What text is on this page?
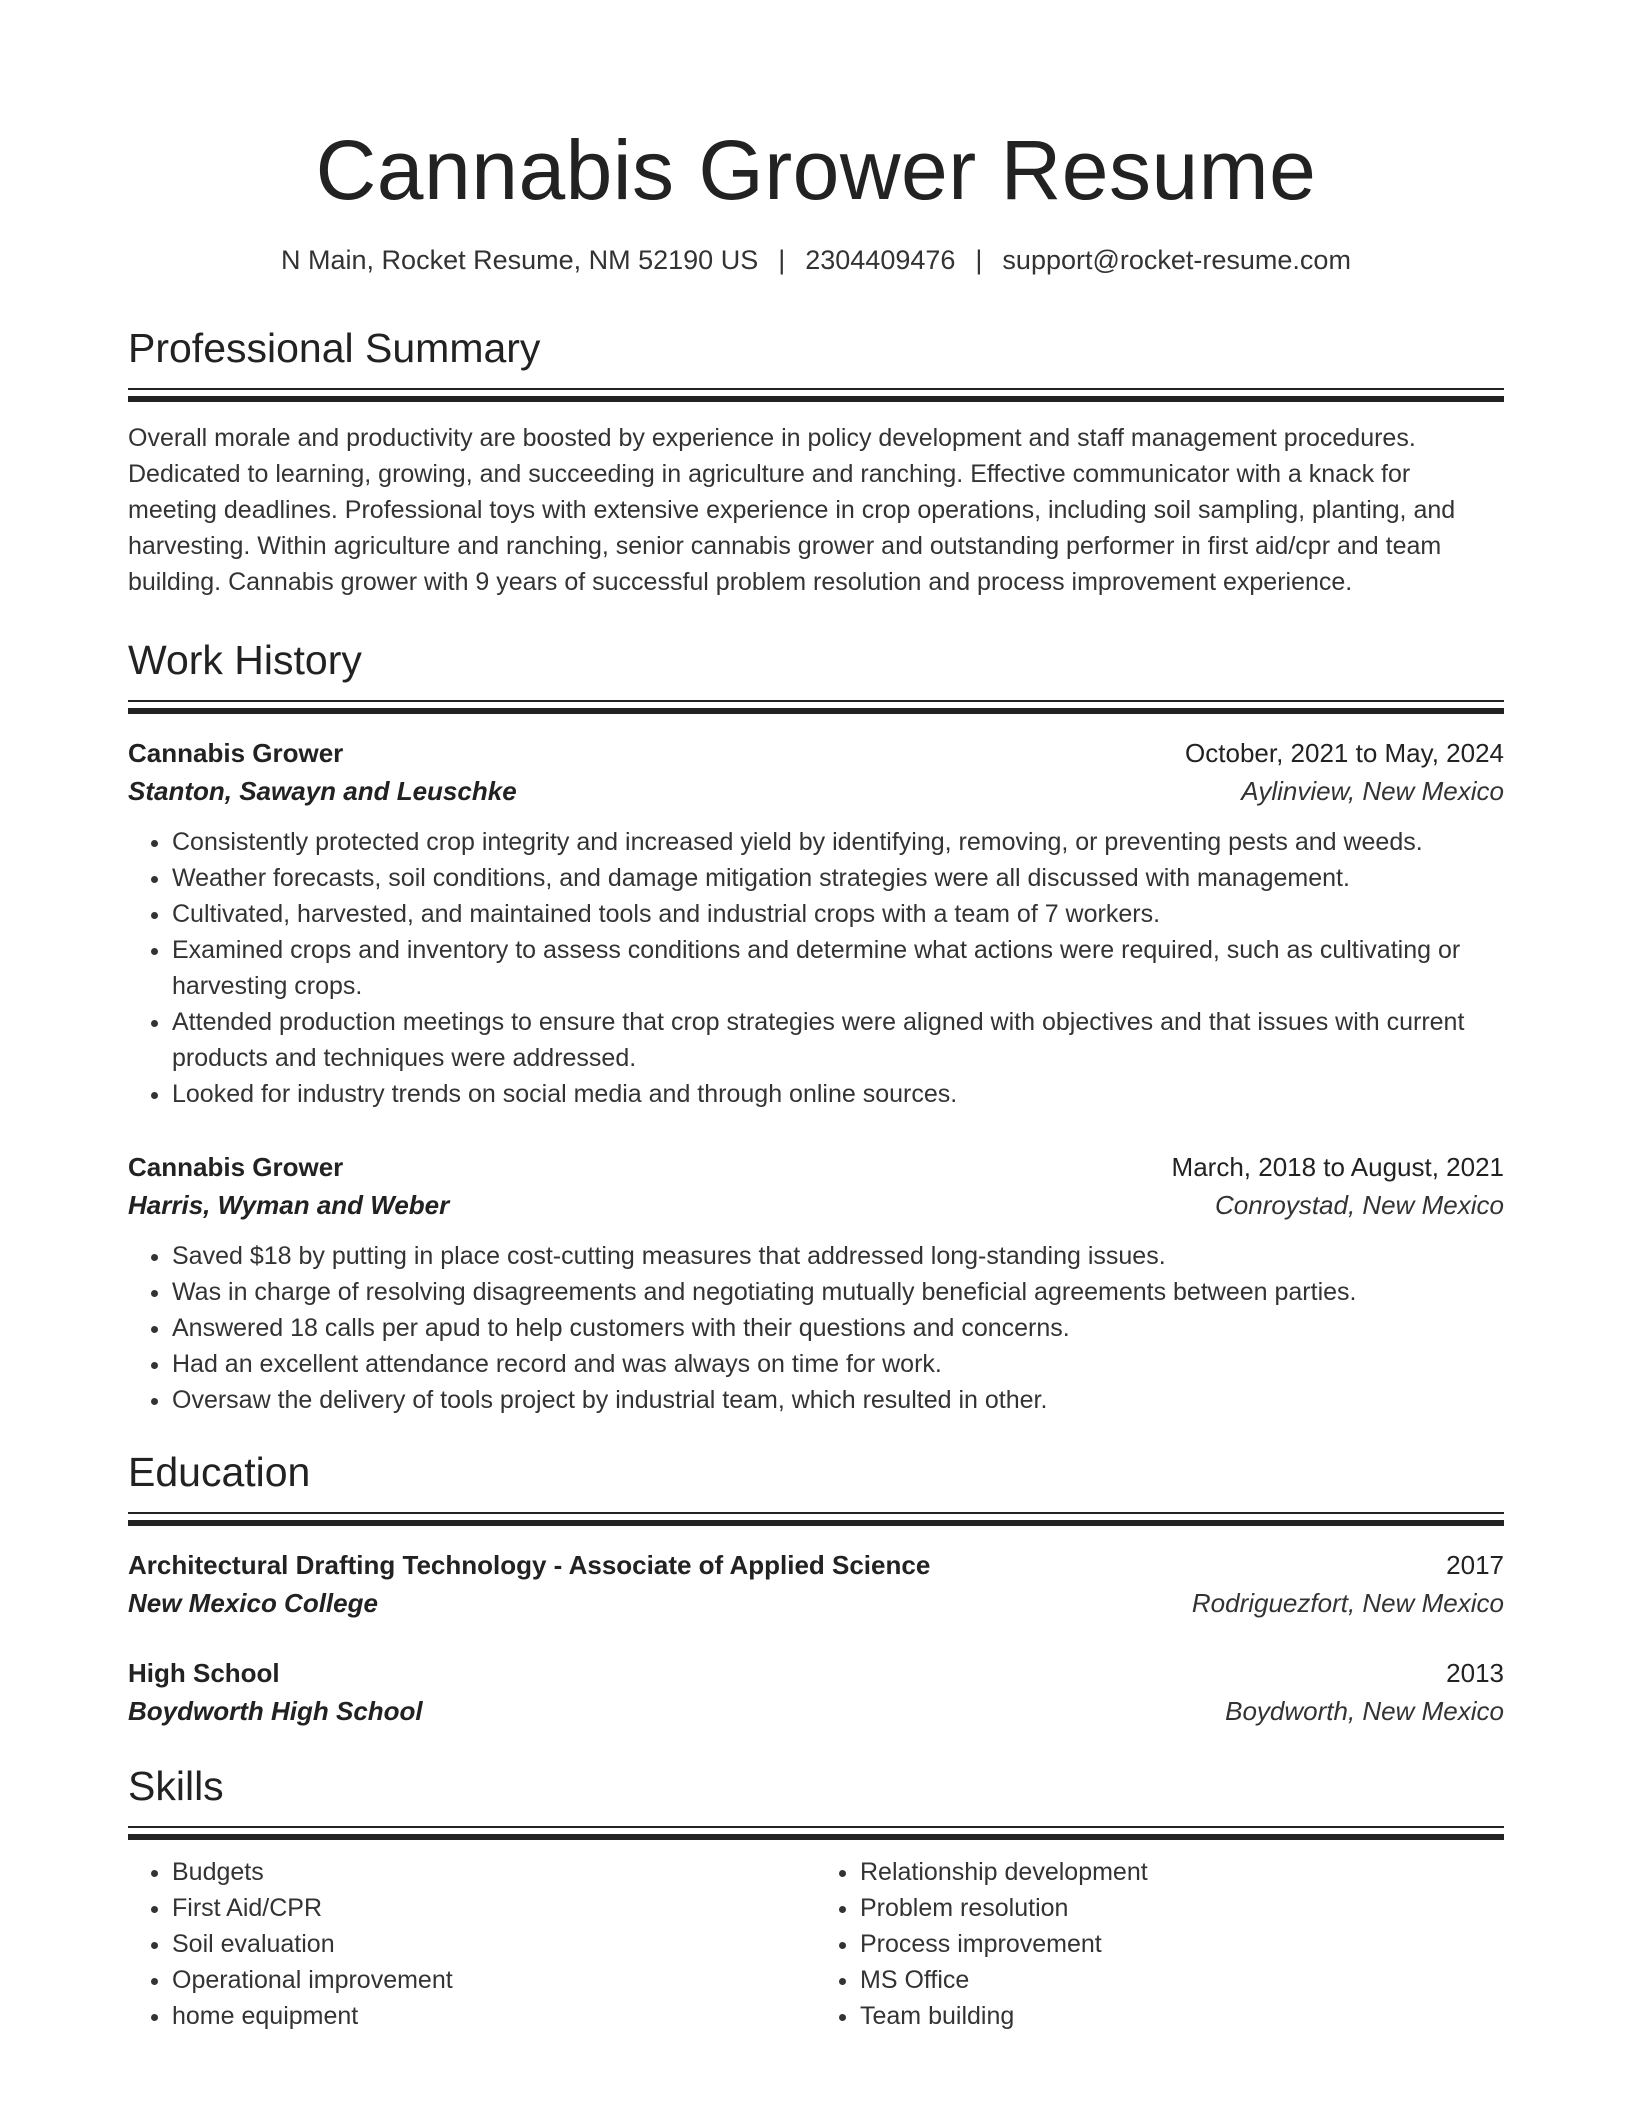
Cannabis Grower Resume
N Main, Rocket Resume, NM 52190 US | 2304409476 | support@rocket-resume.com
Professional Summary
Overall morale and productivity are boosted by experience in policy development and staff management procedures. Dedicated to learning, growing, and succeeding in agriculture and ranching. Effective communicator with a knack for meeting deadlines. Professional toys with extensive experience in crop operations, including soil sampling, planting, and harvesting. Within agriculture and ranching, senior cannabis grower and outstanding performer in first aid/cpr and team building. Cannabis grower with 9 years of successful problem resolution and process improvement experience.
Work History
Cannabis Grower	October, 2021 to May, 2024
Stanton, Sawayn and Leuschke	Aylinview, New Mexico
• Consistently protected crop integrity and increased yield by identifying, removing, or preventing pests and weeds.
• Weather forecasts, soil conditions, and damage mitigation strategies were all discussed with management.
• Cultivated, harvested, and maintained tools and industrial crops with a team of 7 workers.
• Examined crops and inventory to assess conditions and determine what actions were required, such as cultivating or harvesting crops.
• Attended production meetings to ensure that crop strategies were aligned with objectives and that issues with current products and techniques were addressed.
• Looked for industry trends on social media and through online sources.
Cannabis Grower	March, 2018 to August, 2021
Harris, Wyman and Weber	Conroystad, New Mexico
• Saved $18 by putting in place cost-cutting measures that addressed long-standing issues.
• Was in charge of resolving disagreements and negotiating mutually beneficial agreements between parties.
• Answered 18 calls per apud to help customers with their questions and concerns.
• Had an excellent attendance record and was always on time for work.
• Oversaw the delivery of tools project by industrial team, which resulted in other.
Education
Architectural Drafting Technology - Associate of Applied Science	2017
New Mexico College	Rodriguezfort, New Mexico
High School	2013
Boydworth High School	Boydworth, New Mexico
Skills
• Budgets
• First Aid/CPR
• Soil evaluation
• Operational improvement
• home equipment
• Relationship development
• Problem resolution
• Process improvement
• MS Office
• Team building
